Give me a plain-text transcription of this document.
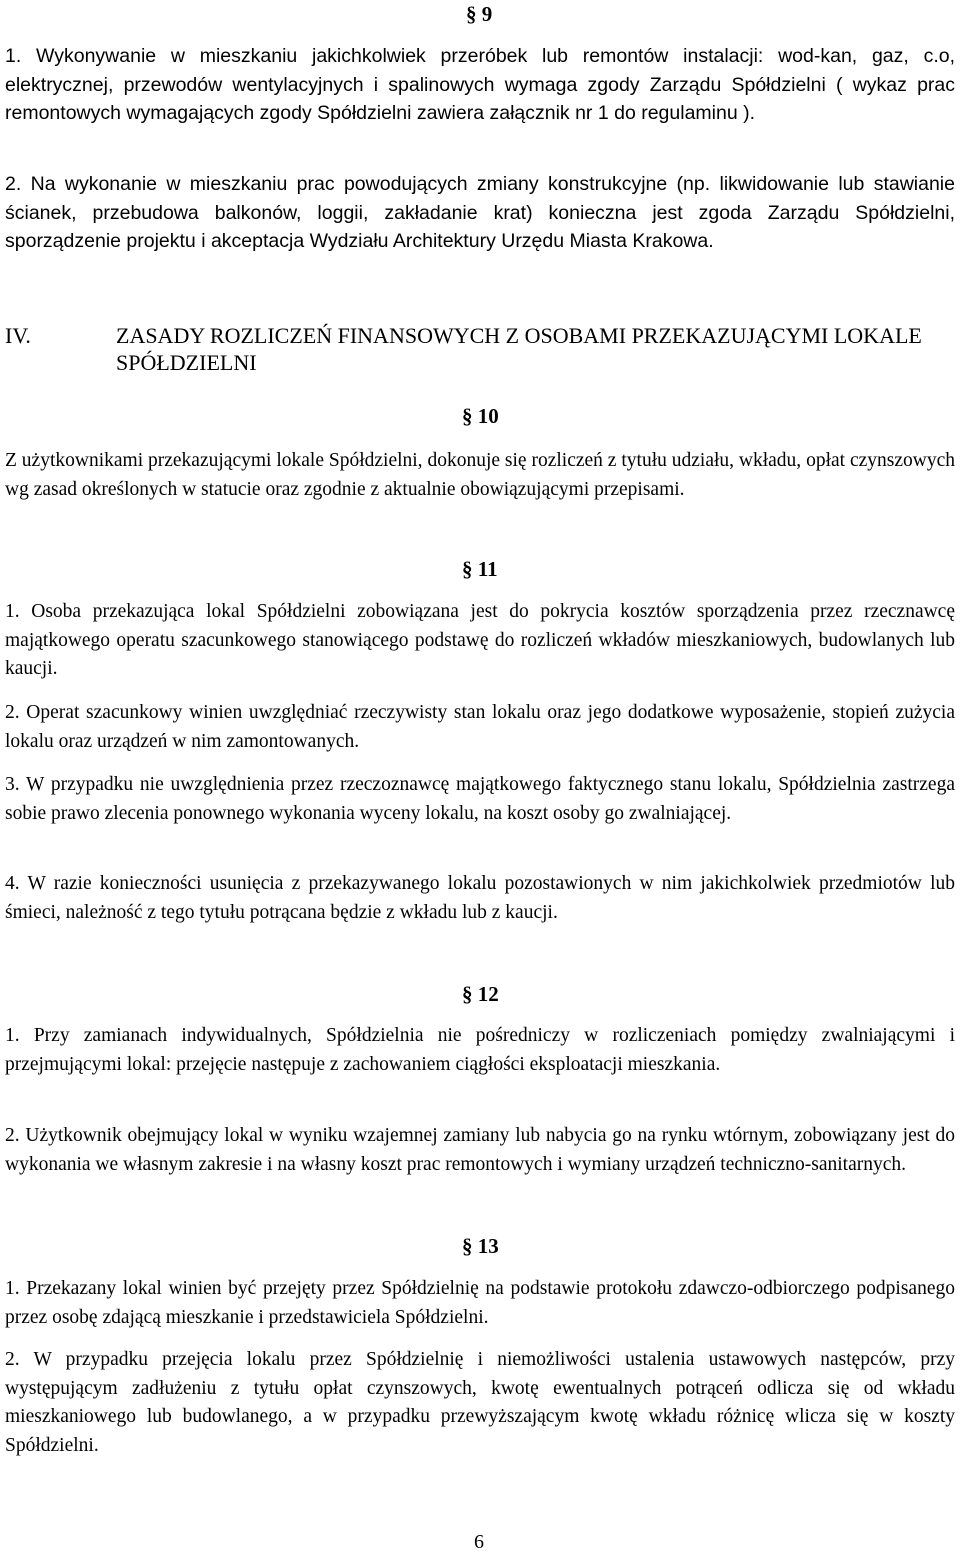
§ 9

1. Wykonywanie w mieszkaniu jakichkolwiek przeróbek lub remontów instalacji: wod-kan, gaz, c.o, elektrycznej, przewodów wentylacyjnych i spalinowych wymaga zgody Zarządu Spółdzielni ( wykaz prac remontowych wymagających zgody Spółdzielni zawiera załącznik nr 1 do regulaminu ).

2. Na wykonanie w mieszkaniu prac powodujących zmiany konstrukcyjne (np. likwidowanie lub stawianie ścianek, przebudowa balkonów, loggii, zakładanie krat) konieczna jest zgoda Zarządu Spółdzielni, sporządzenie projektu i akceptacja Wydziału Architektury Urzędu Miasta Krakowa.

IV.	ZASADY ROZLICZEŃ FINANSOWYCH Z OSOBAMI PRZEKAZUJĄCYMI LOKALE SPÓŁDZIELNI
§ 10

Z użytkownikami przekazującymi lokale Spółdzielni, dokonuje się rozliczeń z tytułu udziału, wkładu, opłat czynszowych wg zasad określonych w statucie oraz zgodnie z aktualnie obowiązującymi przepisami.

§ 11

1. Osoba przekazująca lokal Spółdzielni zobowiązana jest do pokrycia kosztów sporządzenia przez rzecznawcę majątkowego operatu szacunkowego stanowiącego podstawę do rozliczeń wkładów mieszkaniowych, budowlanych lub kaucji.

2. Operat szacunkowy winien uwzględniać rzeczywisty stan lokalu oraz jego dodatkowe wyposażenie, stopień zużycia lokalu oraz urządzeń w nim zamontowanych.

3. W przypadku nie uwzględnienia przez rzeczoznawcę majątkowego faktycznego stanu lokalu, Spółdzielnia zastrzega sobie prawo zlecenia ponownego wykonania wyceny lokalu, na koszt osoby go zwalniającej.

4. W razie konieczności usunięcia z przekazywanego lokalu pozostawionych w nim jakichkolwiek przedmiotów lub śmieci, należność z tego tytułu potrącana będzie z wkładu lub z kaucji.

§ 12

1. Przy zamianach indywidualnych, Spółdzielnia nie pośredniczy w rozliczeniach pomiędzy zwalniającymi i przejmującymi lokal: przejęcie następuje z zachowaniem ciągłości eksploatacji mieszkania.

2. Użytkownik obejmujący lokal w wyniku wzajemnej zamiany lub nabycia go na rynku wtórnym, zobowiązany jest do wykonania we własnym zakresie i na własny koszt prac remontowych i wymiany urządzeń techniczno-sanitarnych.

§ 13

1. Przekazany lokal winien być przejęty przez Spółdzielnię na podstawie protokołu zdawczo-odbiorczego podpisanego przez osobę zdającą mieszkanie i przedstawiciela Spółdzielni.

2. W przypadku przejęcia lokalu przez Spółdzielnię i niemożliwości ustalenia ustawowych następców, przy występującym zadłużeniu z tytułu opłat czynszowych, kwotę ewentualnych potrąceń odlicza się od wkładu mieszkaniowego lub budowlanego, a w przypadku przewyższającym kwotę wkładu różnicę wlicza się w koszty Spółdzielni.

6
